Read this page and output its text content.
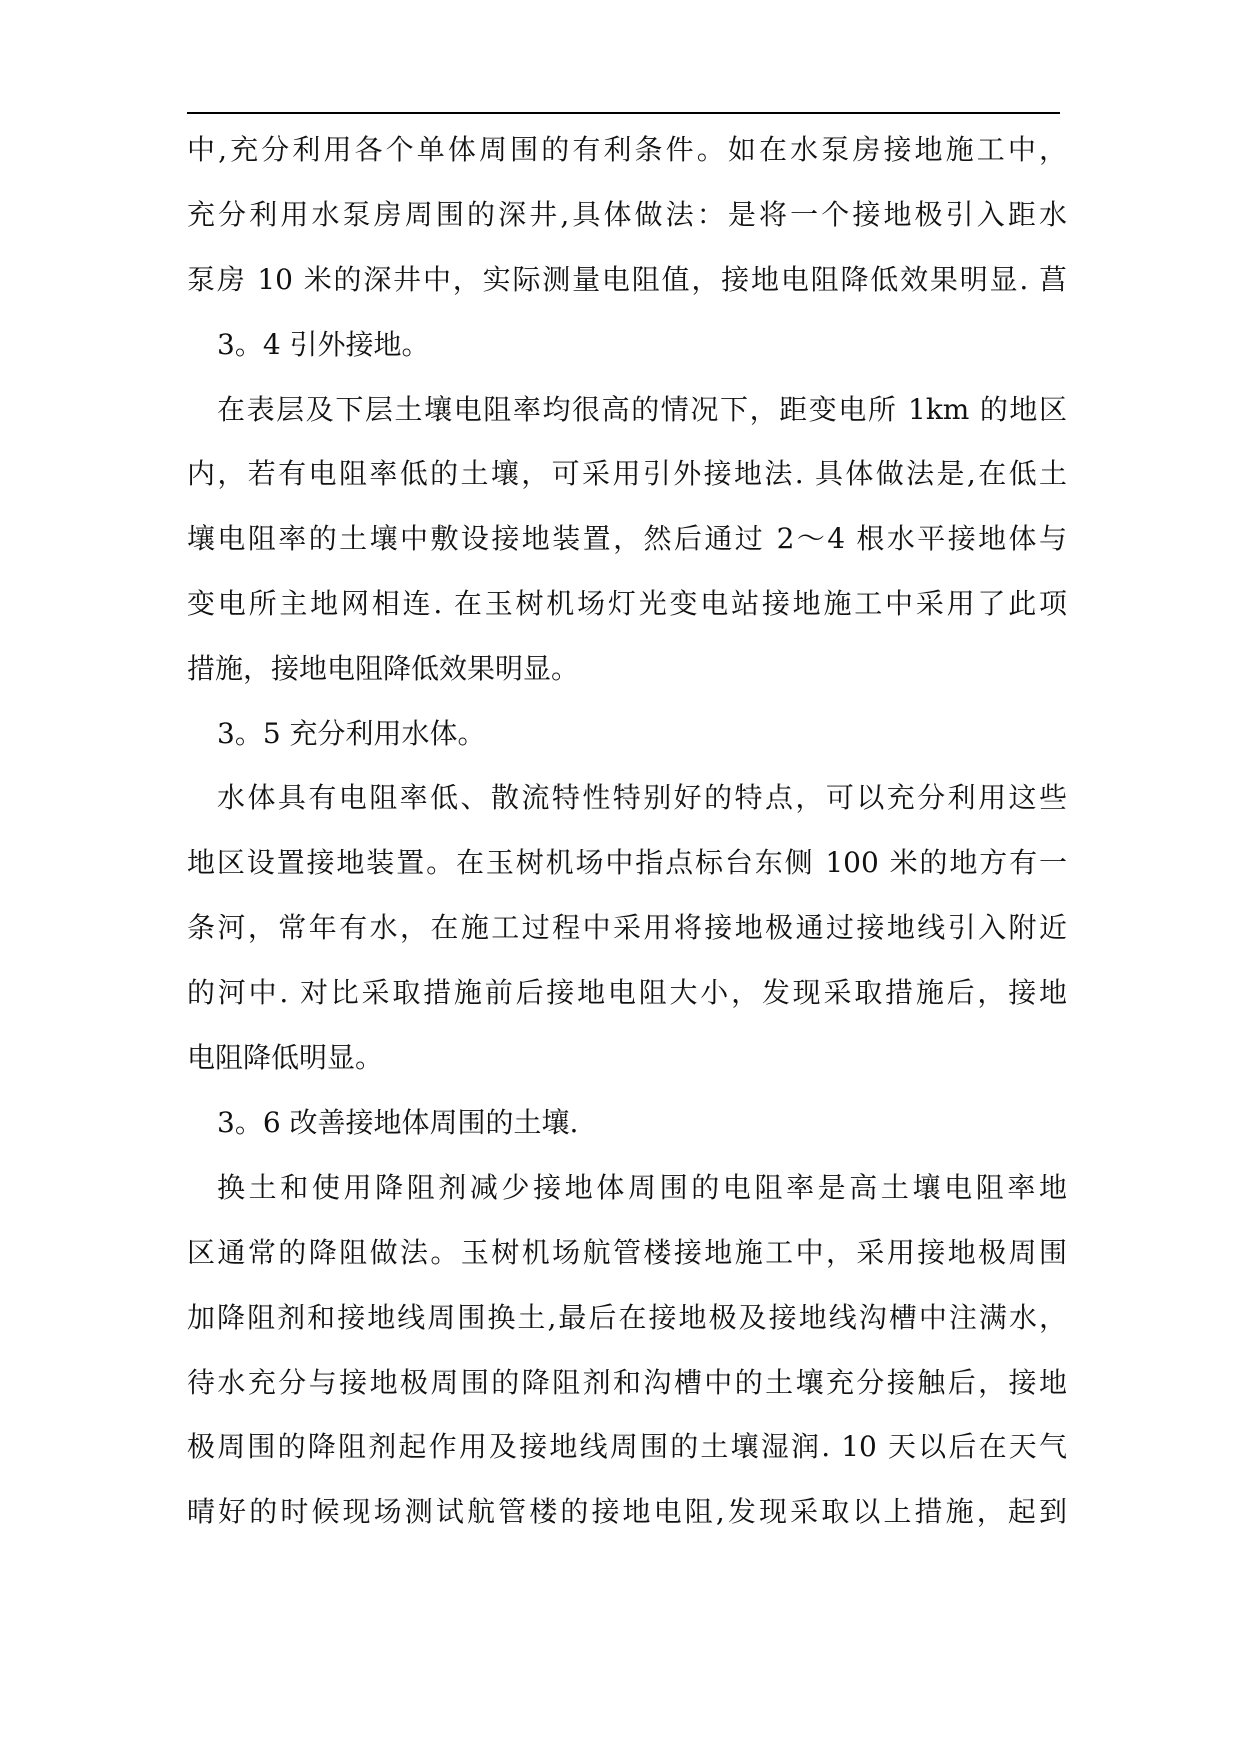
中,充分利用各个单体周围的有利条件。如在水泵房接地施工中，
充分利用水泵房周围的深井,具体做法：是将一个接地极引入距水
泵房 10 米的深井中，实际测量电阻值，接地电阻降低效果明显. 菖
3。4 引外接地。
在表层及下层土壤电阻率均很高的情况下，距变电所 1km 的地区
内，若有电阻率低的土壤，可采用引外接地法. 具体做法是,在低土
壤电阻率的土壤中敷设接地装置，然后通过 2～4 根水平接地体与
变电所主地网相连. 在玉树机场灯光变电站接地施工中采用了此项
措施，接地电阻降低效果明显。
3。5 充分利用水体。
水体具有电阻率低、散流特性特别好的特点，可以充分利用这些
地区设置接地装置。在玉树机场中指点标台东侧 100 米的地方有一
条河，常年有水，在施工过程中采用将接地极通过接地线引入附近
的河中. 对比采取措施前后接地电阻大小，发现采取措施后，接地
电阻降低明显。
3。6 改善接地体周围的土壤.
换土和使用降阻剂减少接地体周围的电阻率是高土壤电阻率地
区通常的降阻做法。玉树机场航管楼接地施工中，采用接地极周围
加降阻剂和接地线周围换土,最后在接地极及接地线沟槽中注满水，
待水充分与接地极周围的降阻剂和沟槽中的土壤充分接触后，接地
极周围的降阻剂起作用及接地线周围的土壤湿润. 10 天以后在天气
晴好的时候现场测试航管楼的接地电阻,发现采取以上措施，起到
